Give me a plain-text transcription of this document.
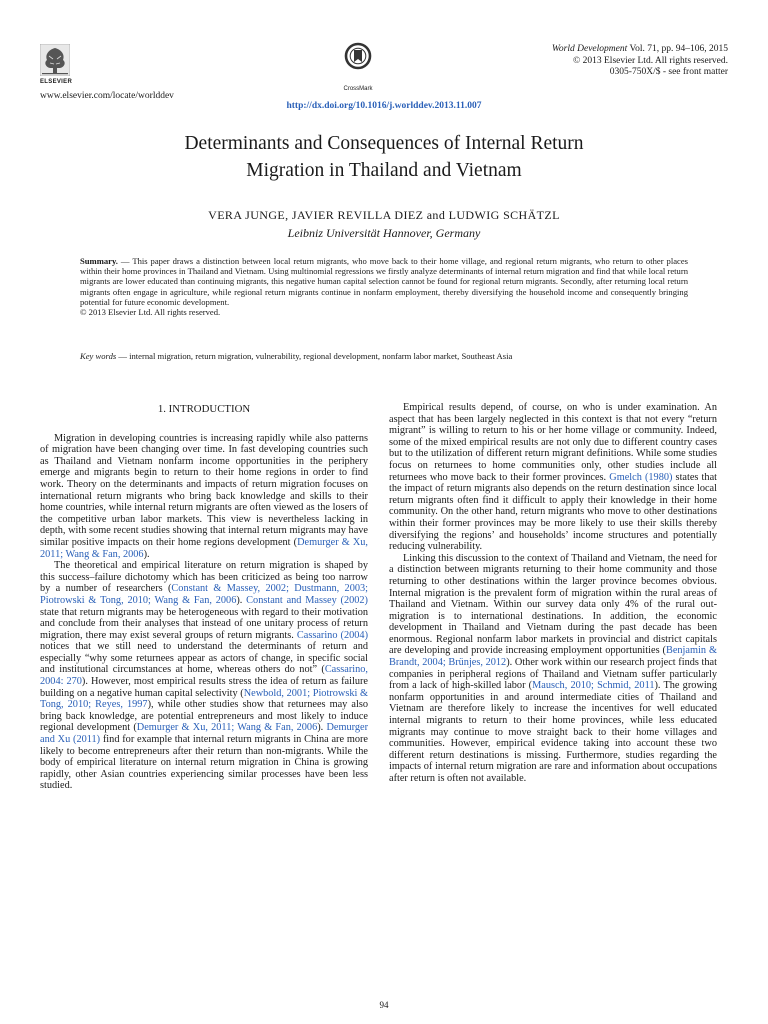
ELSEVIER
www.elsevier.com/locate/worlddev
CrossMark
http://dx.doi.org/10.1016/j.worlddev.2013.11.007
World Development Vol. 71, pp. 94–106, 2015
© 2013 Elsevier Ltd. All rights reserved.
0305-750X/$ - see front matter
Determinants and Consequences of Internal Return
Migration in Thailand and Vietnam
VERA JUNGE, JAVIER REVILLA DIEZ and LUDWIG SCHÄTZL
Leibniz Universität Hannover, Germany
Summary. — This paper draws a distinction between local return migrants, who move back to their home village, and regional return migrants, who return to other places within their home provinces in Thailand and Vietnam. Using multinomial regressions we firstly analyze determinants of internal return migration and find that while local return migrants are lower educated than continuing migrants, this negative human capital selection cannot be found for regional return migrants. Secondly, after returning local return migrants often engage in agriculture, while regional return migrants continue in nonfarm employment, thereby diversifying the household income and consequently bringing potential for future economic development.
© 2013 Elsevier Ltd. All rights reserved.
Key words — internal migration, return migration, vulnerability, regional development, nonfarm labor market, Southeast Asia
1. INTRODUCTION

Migration in developing countries is increasing rapidly while also patterns of migration have been changing over time. In fast developing countries such as Thailand and Vietnam nonfarm income opportunities in the periphery emerge and migrants begin to return to their home regions in order to find work. Theory on the determinants and impacts of return migration focuses on international return migrants who bring back knowledge and skills to their home countries, while internal return migrants are often viewed as the losers of the competitive urban labor markets. This view is nevertheless lacking in depth, with some recent studies showing that internal return migrants may have similar positive impacts on their home regions development (Demurger & Xu, 2011; Wang & Fan, 2006).

The theoretical and empirical literature on return migration is shaped by this success–failure dichotomy which has been criticized as being too narrow by a number of researchers (Constant & Massey, 2002; Dustmann, 2003; Piotrowski & Tong, 2010; Wang & Fan, 2006). Constant and Massey (2002) state that return migrants may be heterogeneous with regard to their motivation and conclude from their analyses that instead of one unitary process of return migration, there may exist several groups of return migrants. Cassarino (2004) notices that we still need to understand the determinants of return and especially “why some returnees appear as actors of change, in specific social and institutional circumstances at home, whereas others do not” (Cassarino, 2004: 270). However, most empirical results stress the idea of return as failure building on a negative human capital selectivity (Newbold, 2001; Piotrowski & Tong, 2010; Reyes, 1997), while other studies show that returnees may also bring back knowledge, are potential entrepreneurs and most likely to induce regional development (Demurger & Xu, 2011; Wang & Fan, 2006). Demurger and Xu (2011) find for example that internal return migrants in China are more likely to become entrepreneurs after their return than non-migrants. While the body of empirical literature on internal return migration in China is growing rapidly, other Asian countries experiencing similar processes have been less studied.

Empirical results depend, of course, on who is under examination. An aspect that has been largely neglected in this context is that not every “return migrant” is willing to return to his or her home village or community. Indeed, some of the mixed empirical results are not only due to different country cases but to the utilization of different return migrant definitions. While some studies focus on returnees to home communities only, other studies include all returnees who move back to their former provinces. Gmelch (1980) states that the impact of return migrants also depends on the return destination since local return migrants often find it difficult to apply their knowledge in their home community. On the other hand, return migrants who move to other destinations within their former provinces may be more likely to use their skills thereby diversifying the regions’ and households’ income structures and potentially reducing vulnerability.

Linking this discussion to the context of Thailand and Vietnam, the need for a distinction between migrants returning to their home community and those returning to other destinations within the larger province becomes obvious. Internal migration is the prevalent form of migration within the rural areas of Thailand and Vietnam. Within our survey data only 4% of the rural out-migration is to international destinations. In addition, the economic development in Thailand and Vietnam during the past decade has been enormous. Regional nonfarm labor markets in provincial and district capitals are developing and provide increasing employment opportunities (Benjamin & Brandt, 2004; Brünjes, 2012). Other work within our research project finds that companies in peripheral regions of Thailand and Vietnam suffer particularly from a lack of high-skilled labor (Mausch, 2010; Schmid, 2011). The growing nonfarm opportunities in and around intermediate cities of Thailand and Vietnam are therefore likely to increase the incentives for well educated internal migrants to return to their home provinces, while less educated migrants may continue to move straight back to their home villages and communities. However, empirical evidence taking into account these two different return destinations is missing. Furthermore, studies regarding the impacts of internal return migration are rare and information about occupations after return is often not available.

94
